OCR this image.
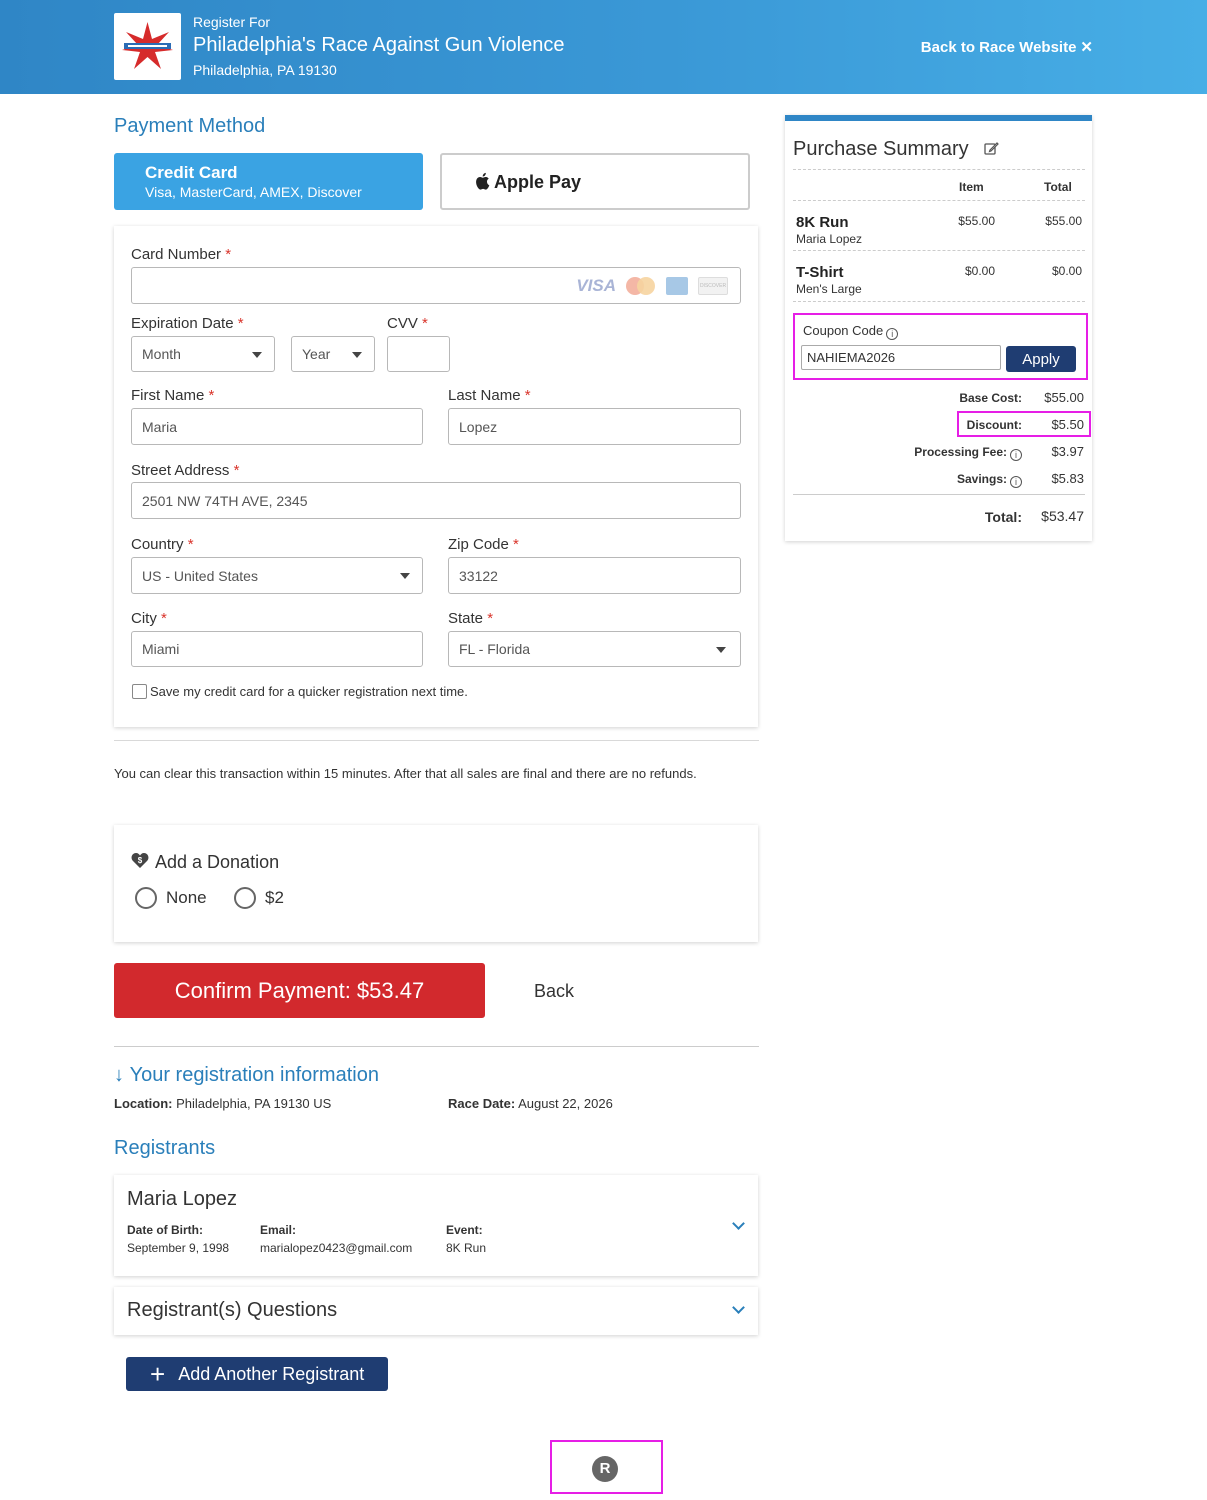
Register For
Philadelphia's Race Against Gun Violence
Philadelphia, PA 19130
Back to Race Website ✕
Payment Method
Credit Card
Visa, MasterCard, AMEX, Discover	Apple Pay
Card Number *
VISA	DISCOVER
Expiration Date *
Month	Year
CVV *
First Name *
Maria
Last Name *
Lopez
Street Address *
2501 NW 74TH AVE, 2345
Country *
US - United States
Zip Code *
33122
City *
Miami
State *
FL - Florida
Save my credit card for a quicker registration next time.
You can clear this transaction within 15 minutes. After that all sales are final and there are no refunds.
$ Add a Donation
None	$2
Confirm Payment: $53.47	Back
↓ Your registration information
Location: Philadelphia, PA 19130 US	Race Date: August 22, 2026
Registrants
Maria Lopez
Date of Birth:
September 9, 1998
Email:
marialopez0423@gmail.com
Event:
8K Run
Registrant(s) Questions
+ Add Another Registrant
R
Purchase Summary
Item	Total
8K Run
Maria Lopez
$55.00	$55.00
T-Shirt
Men's Large
$0.00	$0.00
Coupon Code i
NAHIEMA2026	Apply
Base Cost:	$55.00
Discount:	$5.50
Processing Fee: i	$3.97
Savings: i	$5.83
Total:	$53.47
